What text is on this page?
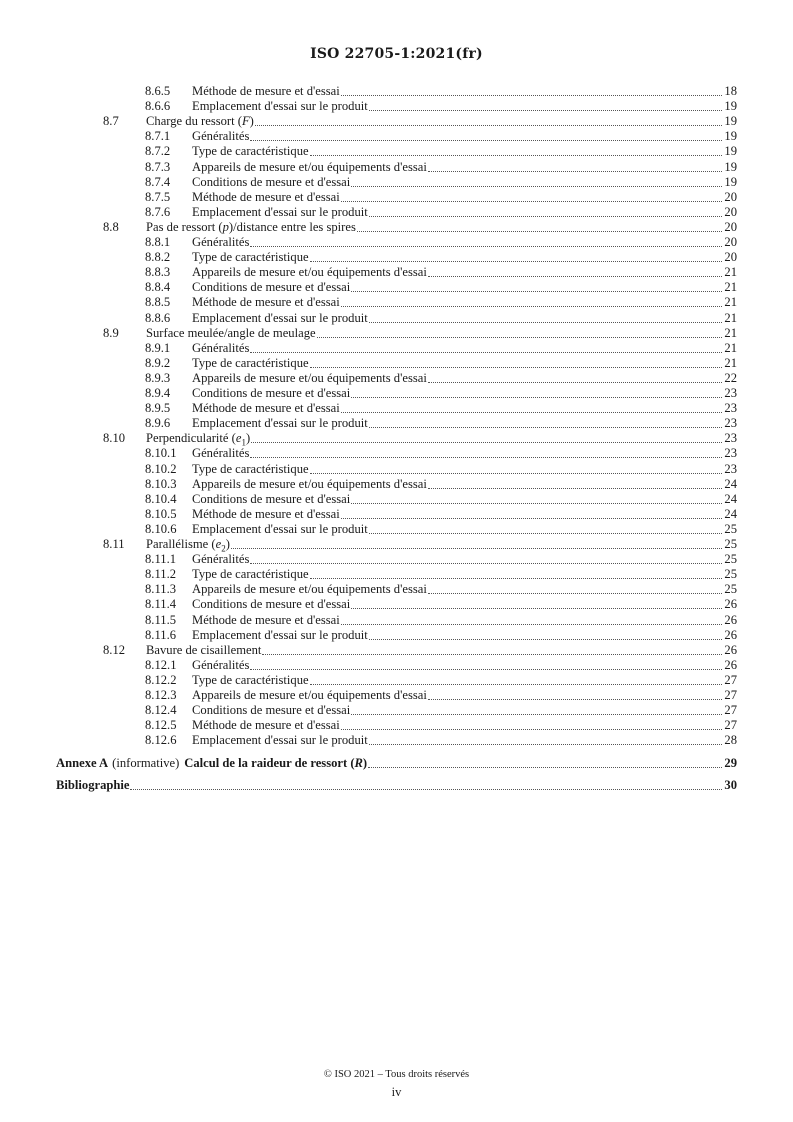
ISO 22705-1:2021(fr)
8.6.5	Méthode de mesure et d'essai	18
8.6.6	Emplacement d'essai sur le produit	19
8.7	Charge du ressort (F)	19
8.7.1	Généralités	19
8.7.2	Type de caractéristique	19
8.7.3	Appareils de mesure et/ou équipements d'essai	19
8.7.4	Conditions de mesure et d'essai	19
8.7.5	Méthode de mesure et d'essai	20
8.7.6	Emplacement d'essai sur le produit	20
8.8	Pas de ressort (p)/distance entre les spires	20
8.8.1	Généralités	20
8.8.2	Type de caractéristique	20
8.8.3	Appareils de mesure et/ou équipements d'essai	21
8.8.4	Conditions de mesure et d'essai	21
8.8.5	Méthode de mesure et d'essai	21
8.8.6	Emplacement d'essai sur le produit	21
8.9	Surface meulée/angle de meulage	21
8.9.1	Généralités	21
8.9.2	Type de caractéristique	21
8.9.3	Appareils de mesure et/ou équipements d'essai	22
8.9.4	Conditions de mesure et d'essai	23
8.9.5	Méthode de mesure et d'essai	23
8.9.6	Emplacement d'essai sur le produit	23
8.10	Perpendicularité $(e_1)$	23
8.10.1	Généralités	23
8.10.2	Type de caractéristique	23
8.10.3	Appareils de mesure et/ou équipements d'essai	24
8.10.4	Conditions de mesure et d'essai	24
8.10.5	Méthode de mesure et d'essai	24
8.10.6	Emplacement d'essai sur le produit	25
8.11	Parallélisme $(e_2)$	25
8.11.1	Généralités	25
8.11.2	Type de caractéristique	25
8.11.3	Appareils de mesure et/ou équipements d'essai	25
8.11.4	Conditions de mesure et d'essai	26
8.11.5	Méthode de mesure et d'essai	26
8.11.6	Emplacement d'essai sur le produit	26
8.12	Bavure de cisaillement	26
8.12.1	Généralités	26
8.12.2	Type de caractéristique	27
8.12.3	Appareils de mesure et/ou équipements d'essai	27
8.12.4	Conditions de mesure et d'essai	27
8.12.5	Méthode de mesure et d'essai	27
8.12.6	Emplacement d'essai sur le produit	28
Annexe A (informative) Calcul de la raideur de ressort (R)	29
Bibliographie	30
© ISO 2021 – Tous droits réservés
iv
